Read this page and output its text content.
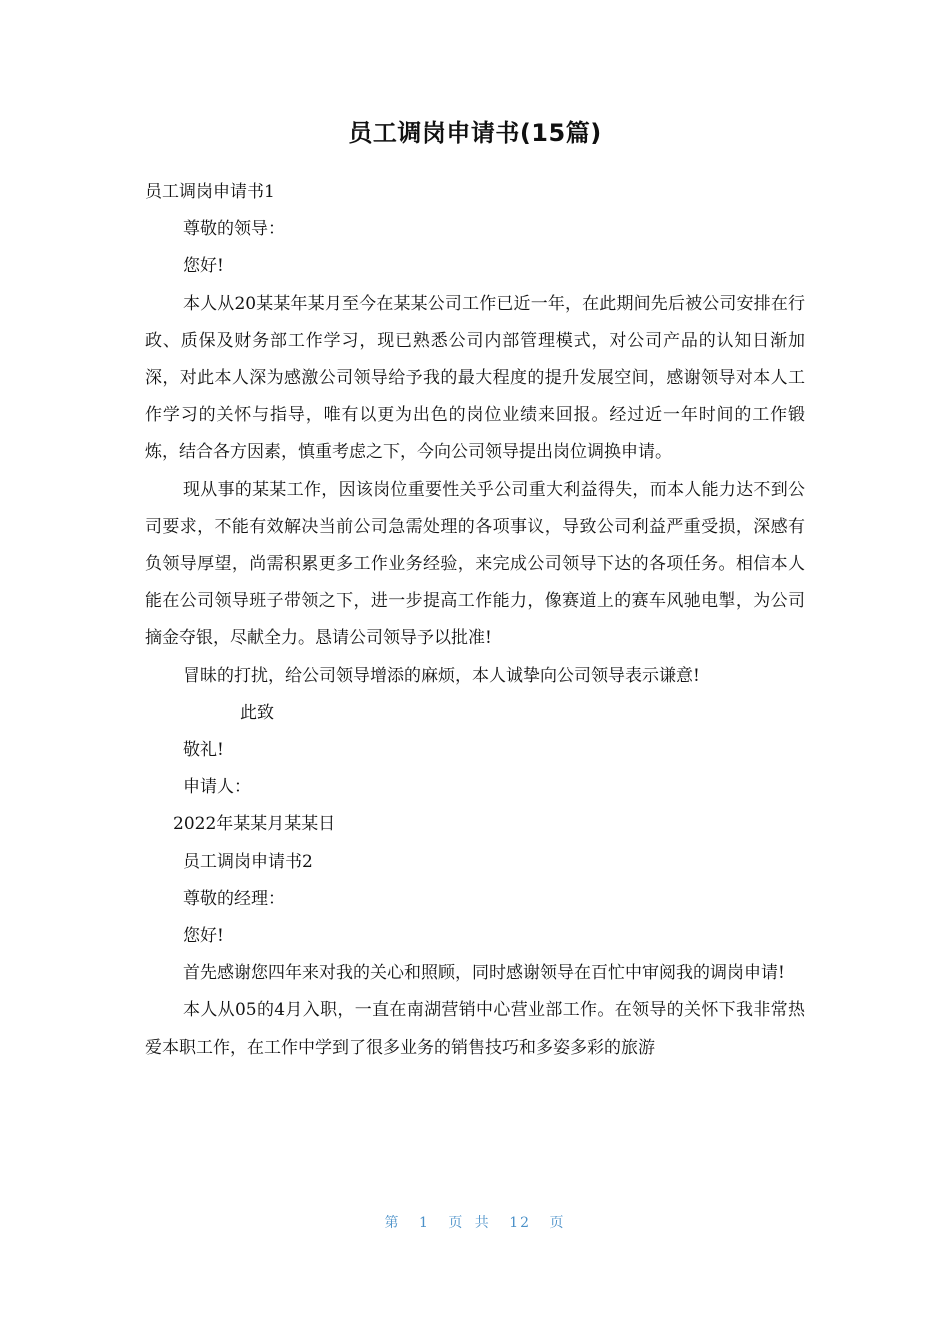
员工调岗申请书(15篇)

员工调岗申请书1

尊敬的领导：

您好!

本人从20某某年某月至今在某某公司工作已近一年，在此期间先后被公司安排在行政、质保及财务部工作学习，现已熟悉公司内部管理模式，对公司产品的认知日渐加深，对此本人深为感激公司领导给予我的最大程度的提升发展空间，感谢领导对本人工作学习的关怀与指导，唯有以更为出色的岗位业绩来回报。经过近一年时间的工作锻炼，结合各方因素，慎重考虑之下，今向公司领导提出岗位调换申请。

现从事的某某工作，因该岗位重要性关乎公司重大利益得失，而本人能力达不到公司要求，不能有效解决当前公司急需处理的各项事议，导致公司利益严重受损，深感有负领导厚望，尚需积累更多工作业务经验，来完成公司领导下达的各项任务。相信本人能在公司领导班子带领之下，进一步提高工作能力，像赛道上的赛车风驰电掣，为公司摘金夺银，尽献全力。恳请公司领导予以批准!

冒昧的打扰，给公司领导增添的麻烦，本人诚挚向公司领导表示谦意!

此致

敬礼!

申请人：

2022年某某月某某日

员工调岗申请书2

尊敬的经理：

您好!

首先感谢您四年来对我的关心和照顾，同时感谢领导在百忙中审阅我的调岗申请!

本人从05的4月入职，一直在南湖营销中心营业部工作。在领导的关怀下我非常热爱本职工作，在工作中学到了很多业务的销售技巧和多姿多彩的旅游

第 1 页 共 12 页
